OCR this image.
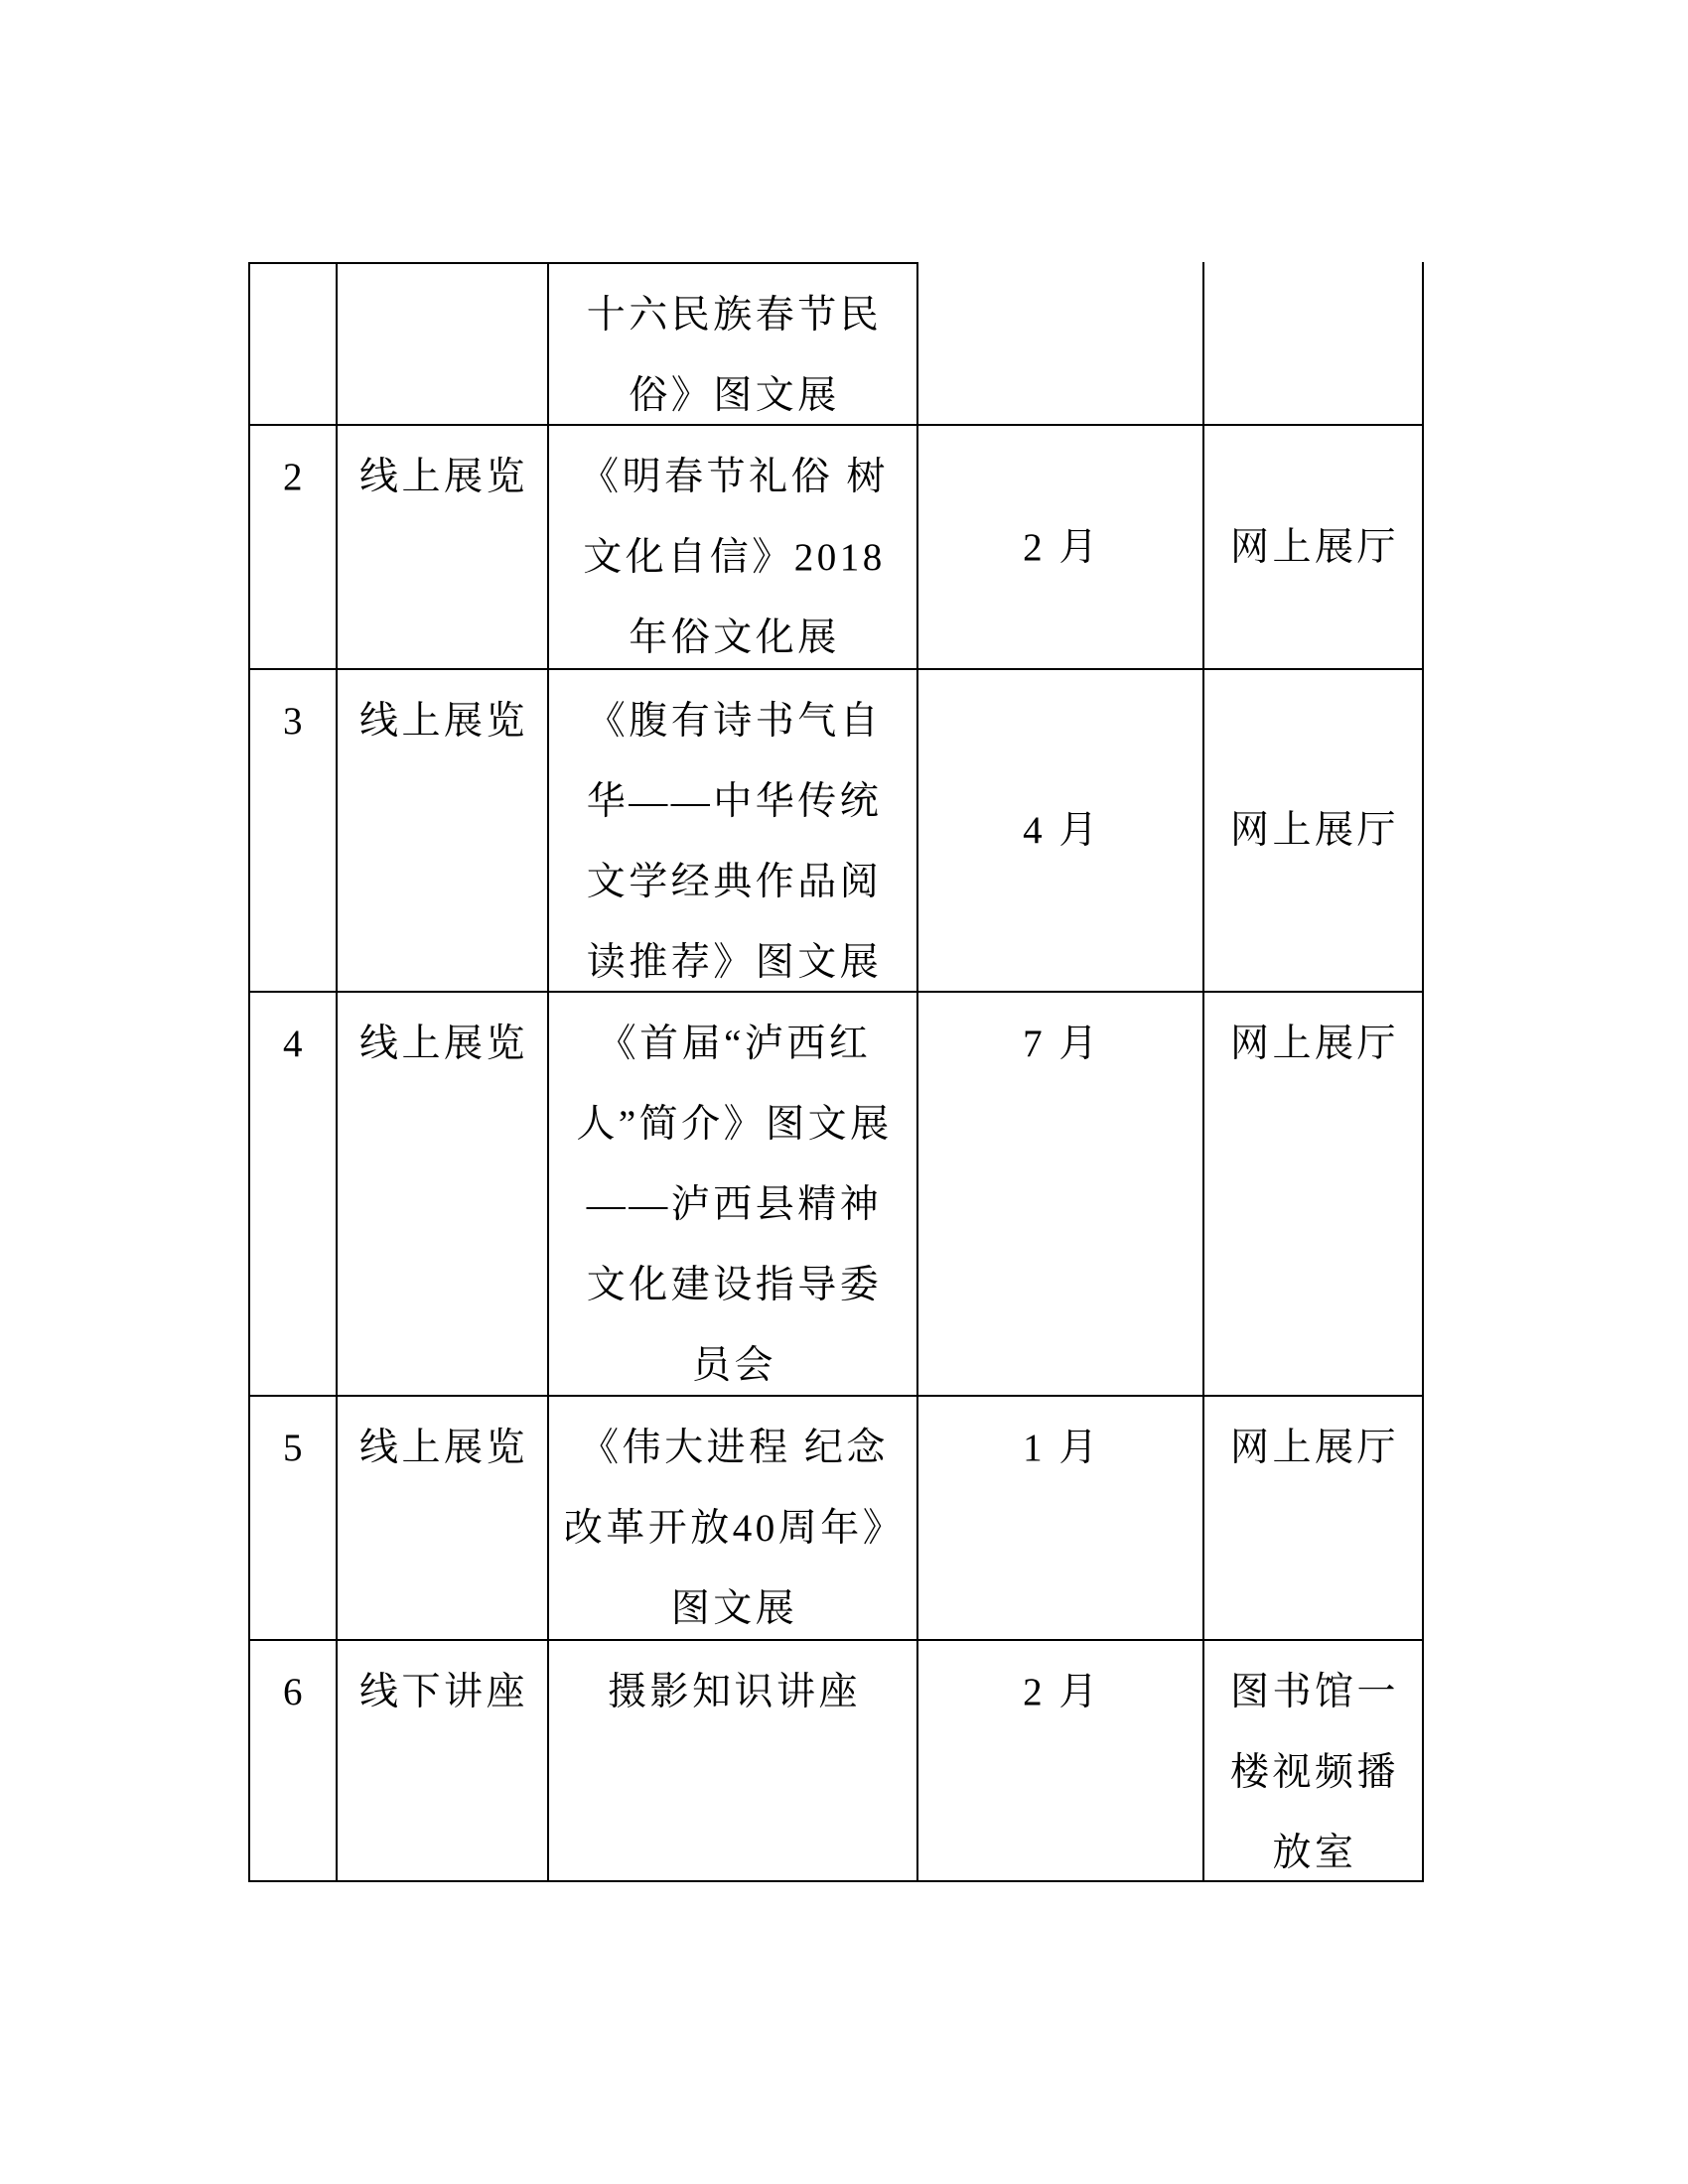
十六民族春节民
俗》图文展
2 线上展览 《明春节礼俗 树
文化自信》2018
年俗文化展
2 月	网上展厅
3 线上展览 《腹有诗书气自
华——中华传统
文学经典作品阅
读推荐》图文展
4 月	网上展厅
4 线上展览 《首届“泸西红
人”简介》图文展
——泸西县精神
文化建设指导委
员会
7 月	网上展厅
5 线上展览 《伟大进程 纪念
改革开放40周年》
图文展
1 月	网上展厅
6 线下讲座 摄影知识讲座	2 月	图书馆一
楼视频播
放室
